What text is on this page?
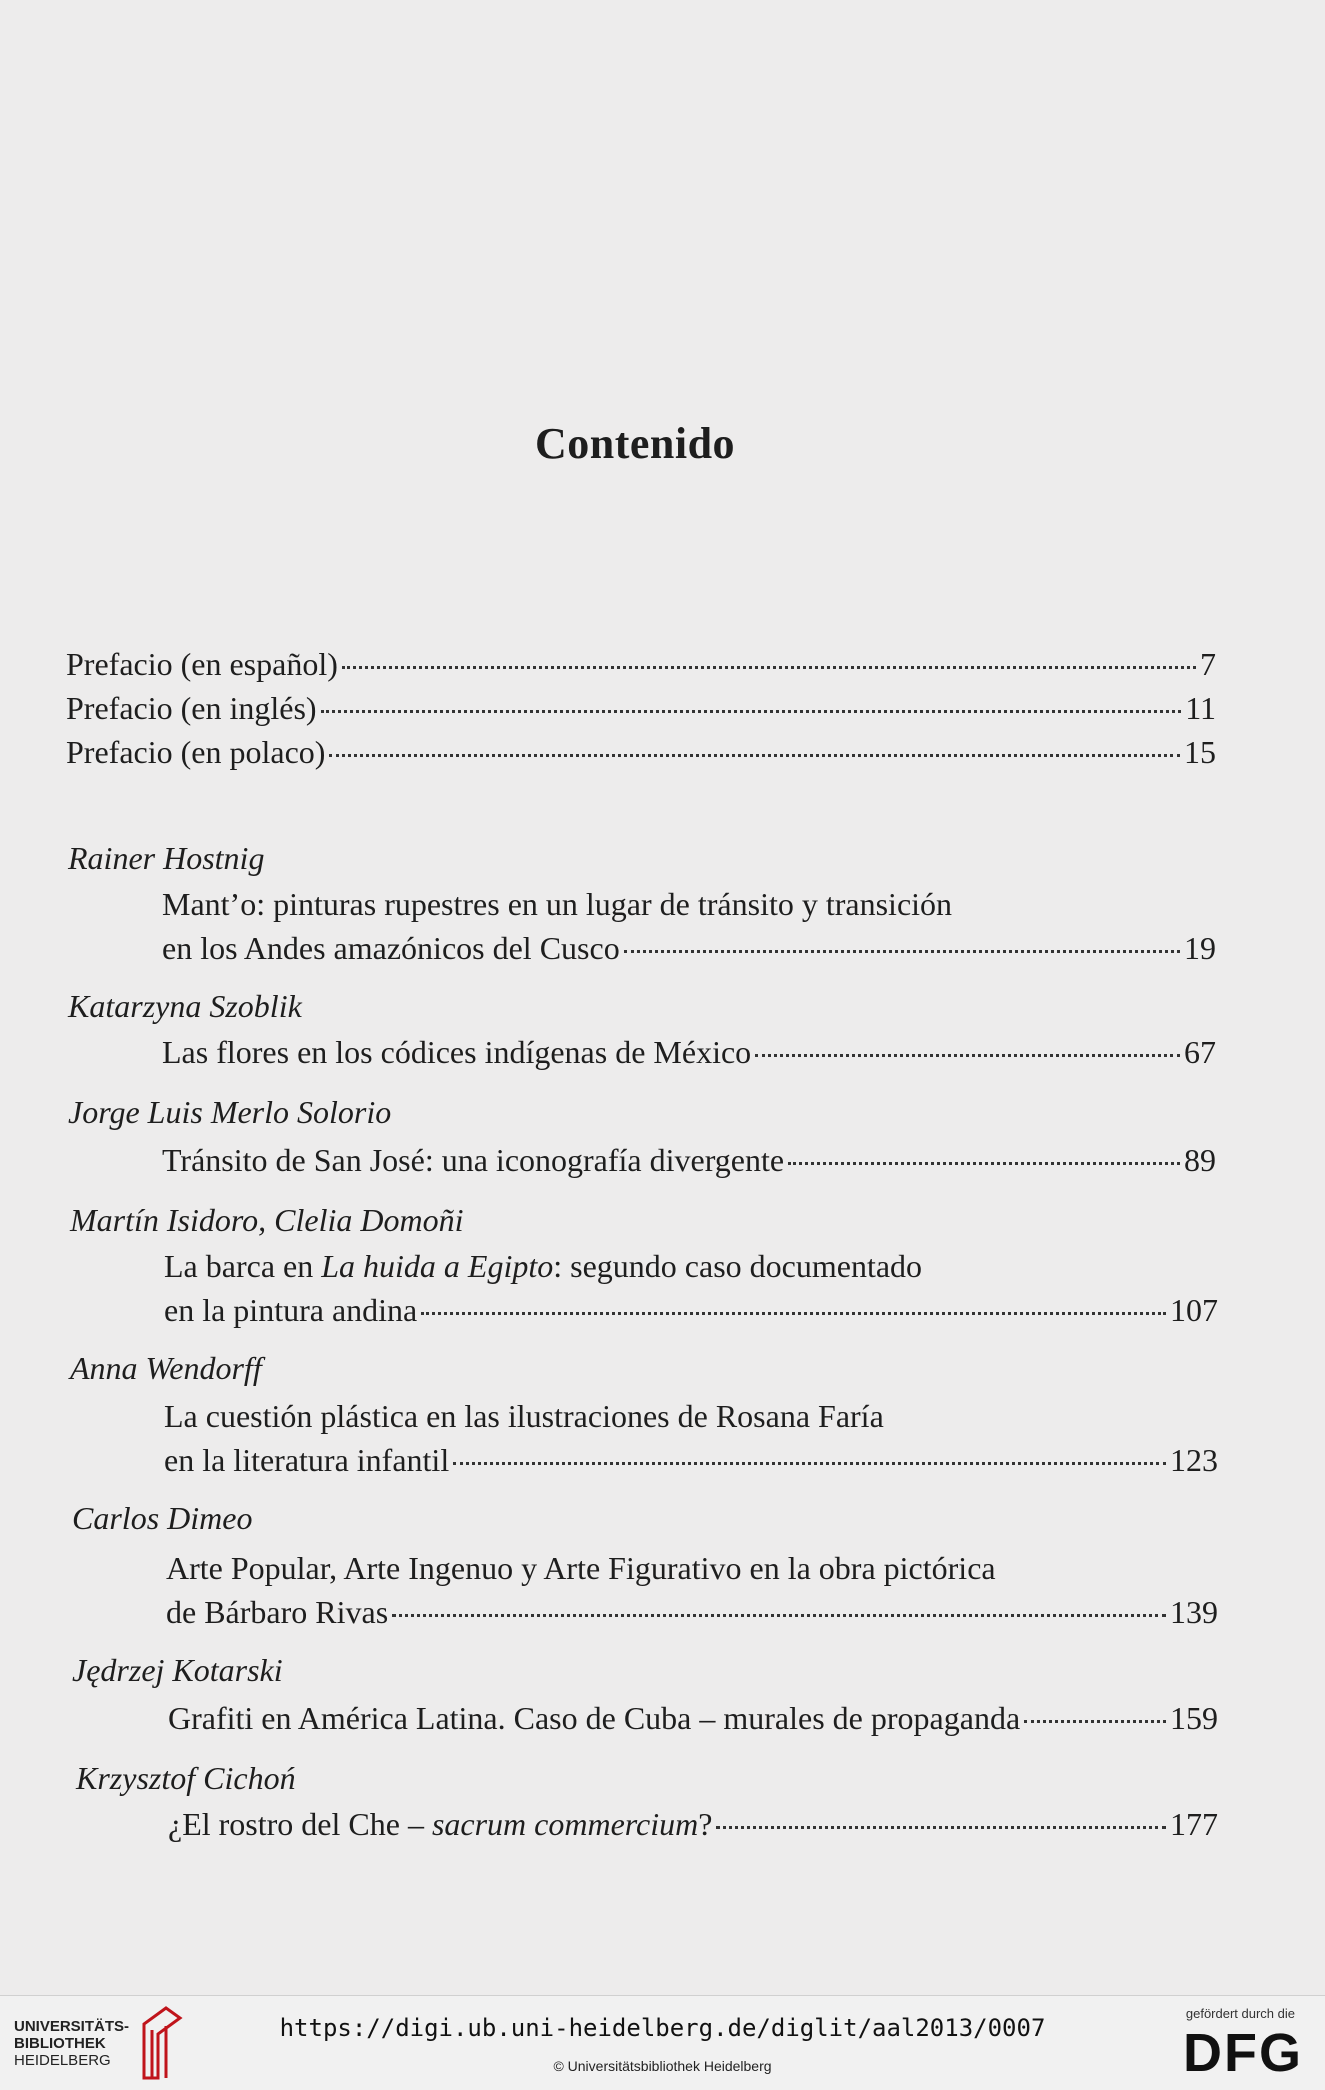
Contenido
Prefacio (en español)	7
Prefacio (en inglés)	11
Prefacio (en polaco)	15
Rainer Hostnig
Mant’o: pinturas rupestres en un lugar de tránsito y transición
en los Andes amazónicos del Cusco	19
Katarzyna Szoblik
Las flores en los códices indígenas de México	67
Jorge Luis Merlo Solorio
Tránsito de San José: una iconografía divergente	89
Martín Isidoro, Clelia Domoñi
La barca en La huida a Egipto: segundo caso documentado
en la pintura andina	107
Anna Wendorff
La cuestión plástica en las ilustraciones de Rosana Faría
en la literatura infantil	123
Carlos Dimeo
Arte Popular, Arte Ingenuo y Arte Figurativo en la obra pictórica
de Bárbaro Rivas	139
Jędrzej Kotarski
Grafiti en América Latina. Caso de Cuba – murales de propaganda	159
Krzysztof Cichoń
¿El rostro del Che – sacrum commercium?	177
UNIVERSITÄTS-
BIBLIOTHEK
HEIDELBERG
https://digi.ub.uni-heidelberg.de/diglit/aal2013/0007
© Universitätsbibliothek Heidelberg
gefördert durch die
DFG
